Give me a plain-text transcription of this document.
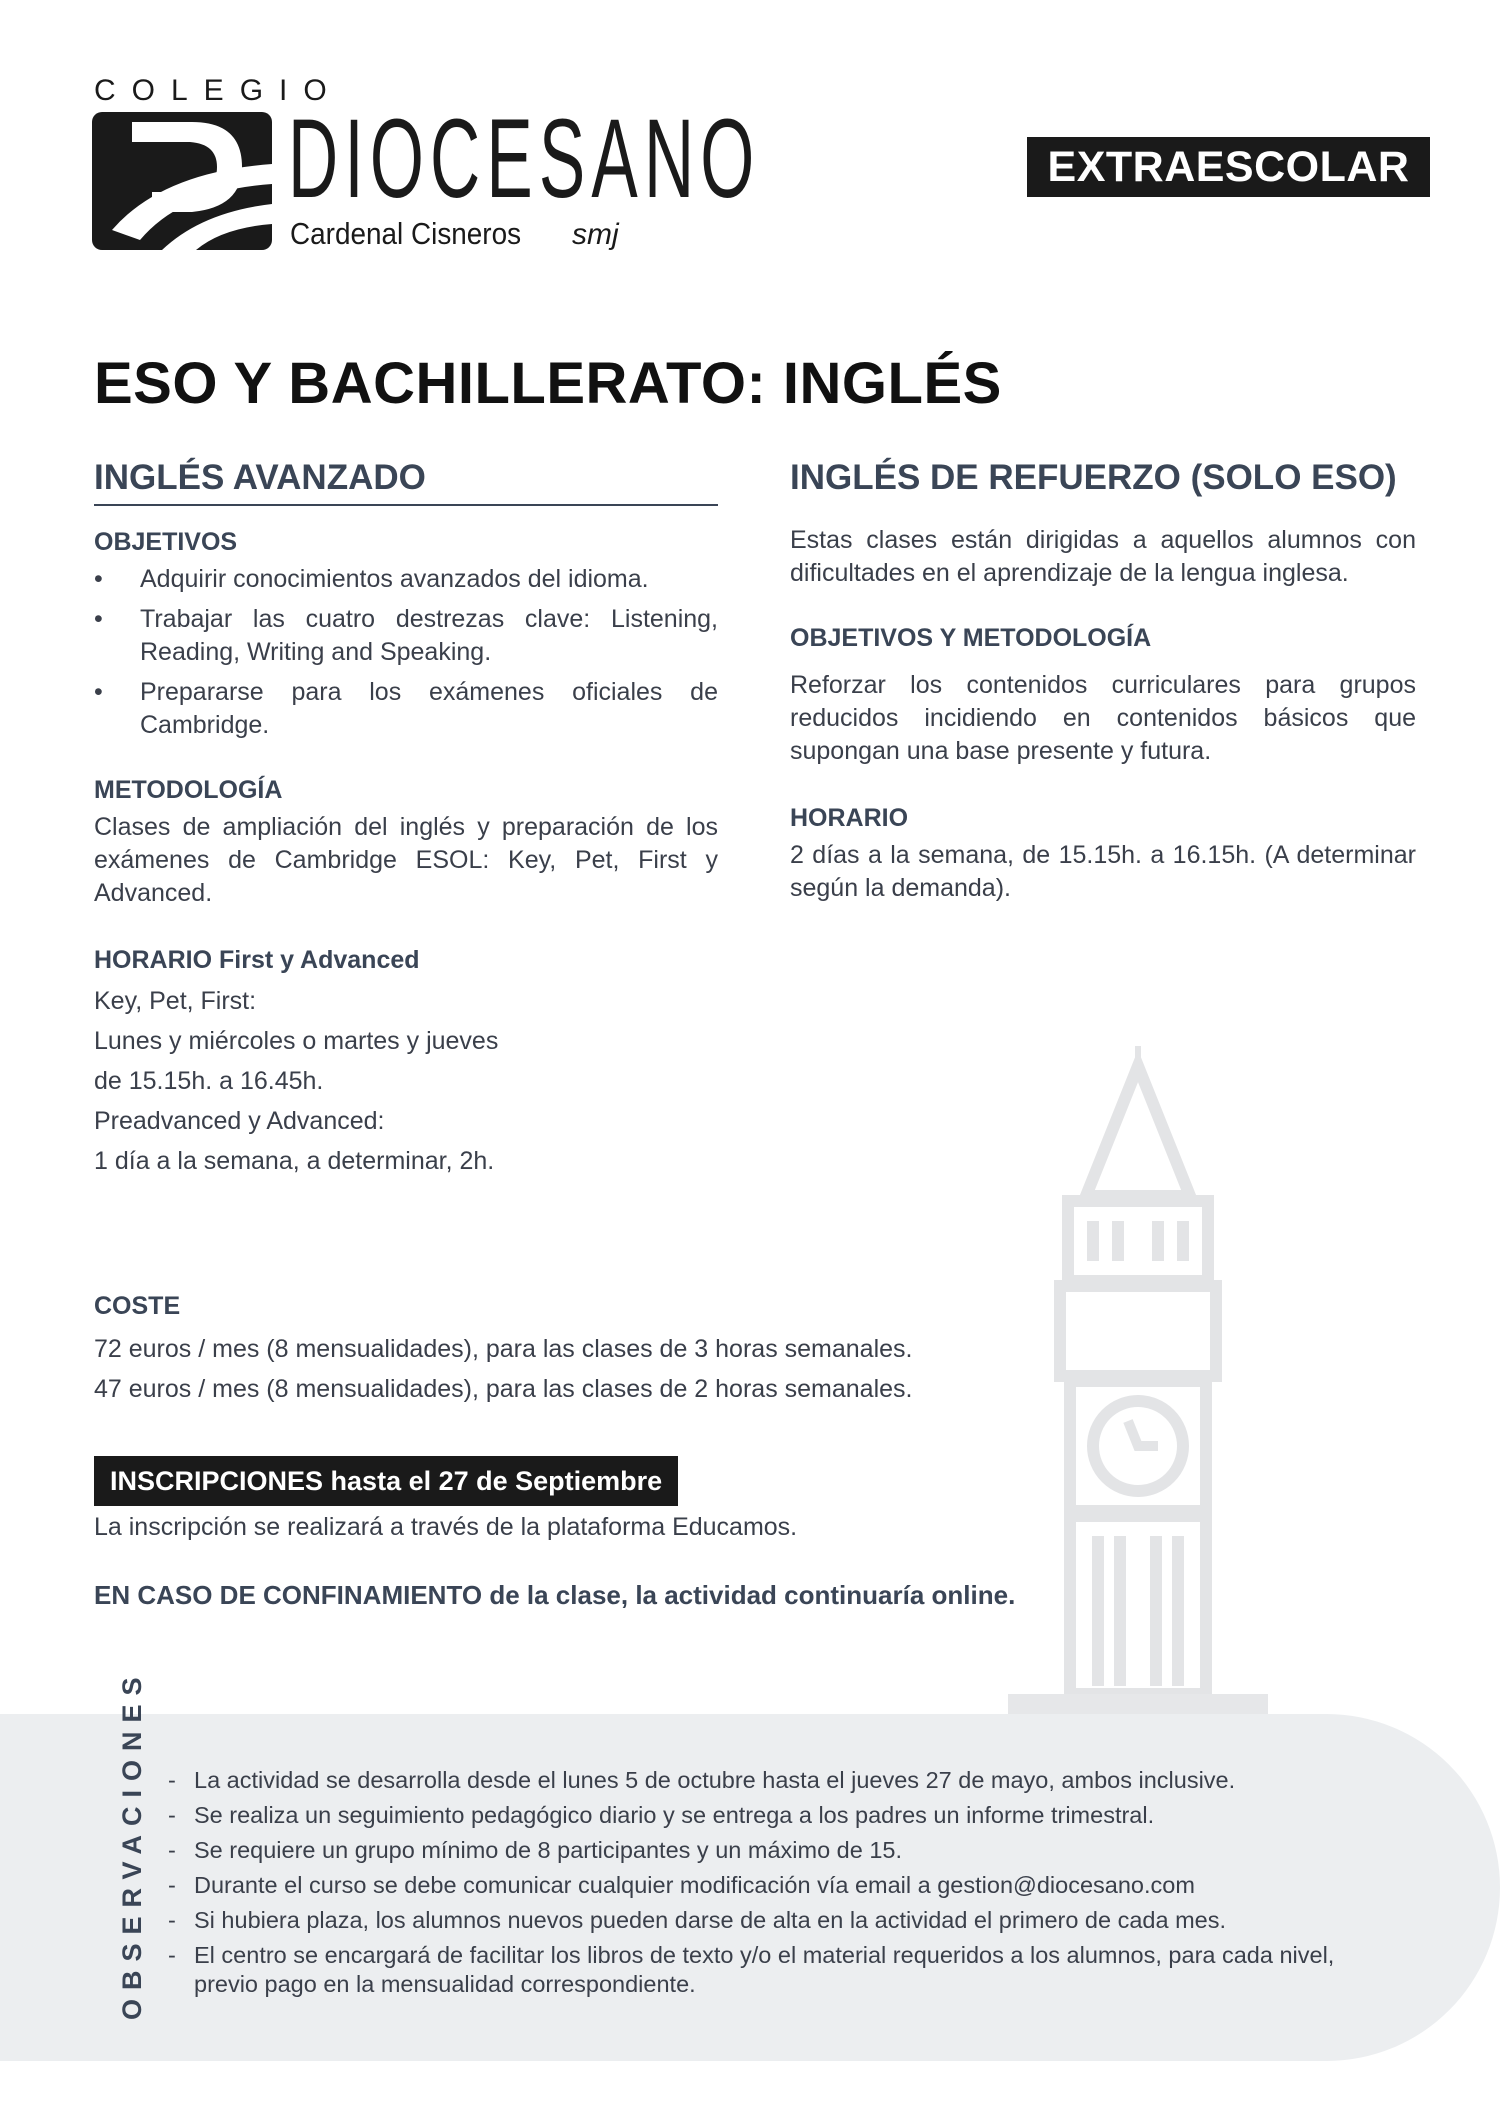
COLEGIO
DIOCESANO
Cardenal Cisneros smj
EXTRAESCOLAR
ESO Y BACHILLERATO: INGLÉS
INGLÉS AVANZADO

OBJETIVOS

• Adquirir conocimientos avanzados del idioma.
• Trabajar las cuatro destrezas clave: Listening, Reading, Writing and Speaking.
• Prepararse para los exámenes oficiales de Cambridge.

METODOLOGÍA

Clases de ampliación del inglés y preparación de los exámenes de Cambridge ESOL: Key, Pet, First y Advanced.

HORARIO First y Advanced

Key, Pet, First:

Lunes y miércoles o martes y jueves

de 15.15h. a 16.45h.

Preadvanced y Advanced:

1 día a la semana, a determinar, 2h.

INGLÉS DE REFUERZO (SOLO ESO)

Estas clases están dirigidas a aquellos alumnos con dificultades en el aprendizaje de la lengua inglesa.

OBJETIVOS Y METODOLOGÍA

Reforzar los contenidos curriculares para grupos reducidos incidiendo en contenidos básicos que supongan una base presente y futura.

HORARIO

2 días a la semana, de 15.15h. a 16.15h. (A determinar según la demanda).

COSTE

72 euros / mes (8 mensualidades), para las clases de 3 horas semanales.

47 euros / mes (8 mensualidades), para las clases de 2 horas semanales.

INSCRIPCIONES hasta el 27 de Septiembre

La inscripción se realizará a través de la plataforma Educamos.

EN CASO DE CONFINAMIENTO de la clase, la actividad continuaría online.
OBSERVACIONES - La actividad se desarrolla desde el lunes 5 de octubre hasta el jueves 27 de mayo, ambos inclusive.
- Se realiza un seguimiento pedagógico diario y se entrega a los padres un informe trimestral.
- Se requiere un grupo mínimo de 8 participantes y un máximo de 15.
- Durante el curso se debe comunicar cualquier modificación vía email a gestion@diocesano.com
- Si hubiera plaza, los alumnos nuevos pueden darse de alta en la actividad el primero de cada mes.
- El centro se encargará de facilitar los libros de texto y/o el material requeridos a los alumnos, para cada nivel, previo pago en la mensualidad correspondiente.
